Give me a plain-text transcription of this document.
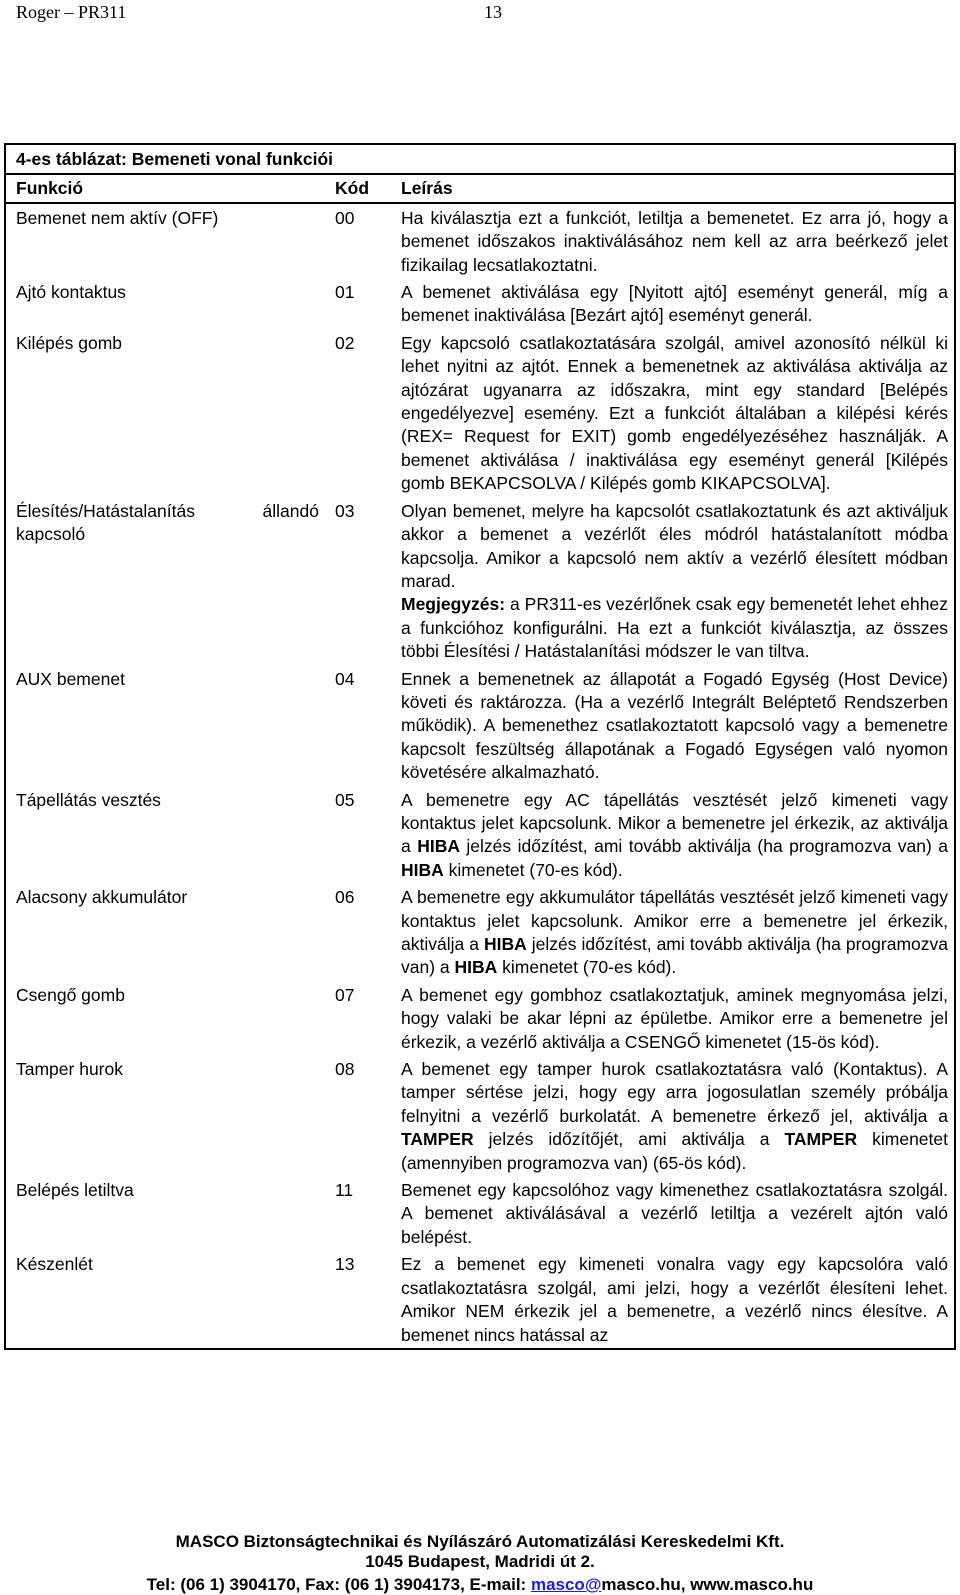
Roger – PR311	13
4-es táblázat: Bemeneti vonal funkciói		
Funkció	Kód	Leírás
Bemenet nem aktív (OFF)	00	Ha kiválasztja ezt a funkciót, letiltja a bemenetet. Ez arra jó, hogy a bemenet időszakos inaktiválásához nem kell az arra beérkező jelet fizikailag lecsatlakoztatni.

Ajtó kontaktus	01	A bemenet aktiválása egy [Nyitott ajtó] eseményt generál, míg a bemenet inaktiválása [Bezárt ajtó] eseményt generál.

Kilépés gomb	02	Egy kapcsoló csatlakoztatására szolgál, amivel azonosító nélkül ki lehet nyitni az ajtót. Ennek a bemenetnek az aktiválása aktiválja az ajtózárat ugyanarra az időszakra, mint egy standard [Belépés engedélyezve] esemény. Ezt a funkciót általában a kilépési kérés (REX= Request for EXIT) gomb engedélyezéséhez használják. A bemenet aktiválása / inaktiválása egy eseményt generál [Kilépés gomb BEKAPCSOLVA / Kilépés gomb KIKAPCSOLVA].

Élesítés/Hatástalanítás állandó
kapcsoló	03	Olyan bemenet, melyre ha kapcsolót csatlakoztatunk és azt aktiváljuk akkor a bemenet a vezérlőt éles módról hatástalanított módba kapcsolja. Amikor a kapcsoló nem aktív a vezérlő élesített módban marad.
Megjegyzés: a PR311-es vezérlőnek csak egy bemenetét lehet ehhez a funkcióhoz konfigurálni. Ha ezt a funkciót kiválasztja, az összes többi Élesítési / Hatástalanítási módszer le van tiltva.

AUX bemenet	04	Ennek a bemenetnek az állapotát a Fogadó Egység (Host Device) követi és raktározza. (Ha a vezérlő Integrált Beléptető Rendszerben működik). A bemenethez csatlakoztatott kapcsoló vagy a bemenetre kapcsolt feszültség állapotának a Fogadó Egységen való nyomon követésére alkalmazható.

Tápellátás vesztés	05	A bemenetre egy AC tápellátás vesztését jelző kimeneti vagy kontaktus jelet kapcsolunk. Mikor a bemenetre jel érkezik, az aktiválja a HIBA jelzés időzítést, ami tovább aktiválja (ha programozva van) a HIBA kimenetet (70-es kód).

Alacsony akkumulátor	06	A bemenetre egy akkumulátor tápellátás vesztését jelző kimeneti vagy kontaktus jelet kapcsolunk. Amikor erre a bemenetre jel érkezik, aktiválja a HIBA jelzés időzítést, ami tovább aktiválja (ha programozva van) a HIBA kimenetet (70-es kód).

Csengő gomb	07	A bemenet egy gombhoz csatlakoztatjuk, aminek megnyomása jelzi, hogy valaki be akar lépni az épületbe. Amikor erre a bemenetre jel érkezik, a vezérlő aktiválja a CSENGŐ kimenetet (15-ös kód).

Tamper hurok	08	A bemenet egy tamper hurok csatlakoztatásra való (Kontaktus). A tamper sértése jelzi, hogy egy arra jogosulatlan személy próbálja felnyitni a vezérlő burkolatát. A bemenetre érkező jel, aktiválja a TAMPER jelzés időzítőjét, ami aktiválja a TAMPER kimenetet (amennyiben programozva van) (65-ös kód).

Belépés letiltva	11	Bemenet egy kapcsolóhoz vagy kimenethez csatlakoztatásra szolgál. A bemenet aktiválásával a vezérlő letiltja a vezérelt ajtón való belépést.

Készenlét	13	Ez a bemenet egy kimeneti vonalra vagy egy kapcsolóra való csatlakoztatásra szolgál, ami jelzi, hogy a vezérlőt élesíteni lehet. Amikor NEM érkezik jel a bemenetre, a vezérlő nincs élesítve. A bemenet nincs hatással az
MASCO Biztonságtechnikai és Nyílászáró Automatizálási Kereskedelmi Kft.
1045 Budapest, Madridi út 2.
Tel: (06 1) 3904170, Fax: (06 1) 3904173, E-mail: masco@masco.hu, www.masco.hu
